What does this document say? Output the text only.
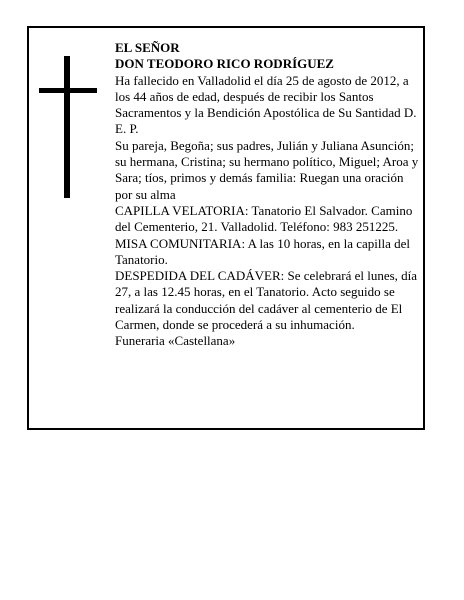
EL SEÑOR

DON TEODORO RICO RODRÍGUEZ

Ha fallecido en Valladolid el día 25 de agosto de 2012, a los 44 años de edad, después de recibir los Santos Sacramentos y la Bendición Apostólica de Su Santidad D. E. P.

Su pareja, Begoña; sus padres, Julián y Juliana Asunción; su hermana, Cristina; su hermano político, Miguel; Aroa y Sara; tíos, primos y demás familia: Ruegan una oración por su alma

CAPILLA VELATORIA: Tanatorio El Salvador. Camino del Cementerio, 21. Valladolid. Teléfono: 983 251225.

MISA COMUNITARIA: A las 10 horas, en la capilla del Tanatorio.

DESPEDIDA DEL CADÁVER: Se celebrará el lunes, día 27, a las 12.45 horas, en el Tanatorio. Acto seguido se realizará la conducción del cadáver al cementerio de El Carmen, donde se procederá a su inhumación.

Funeraria «Castellana»
